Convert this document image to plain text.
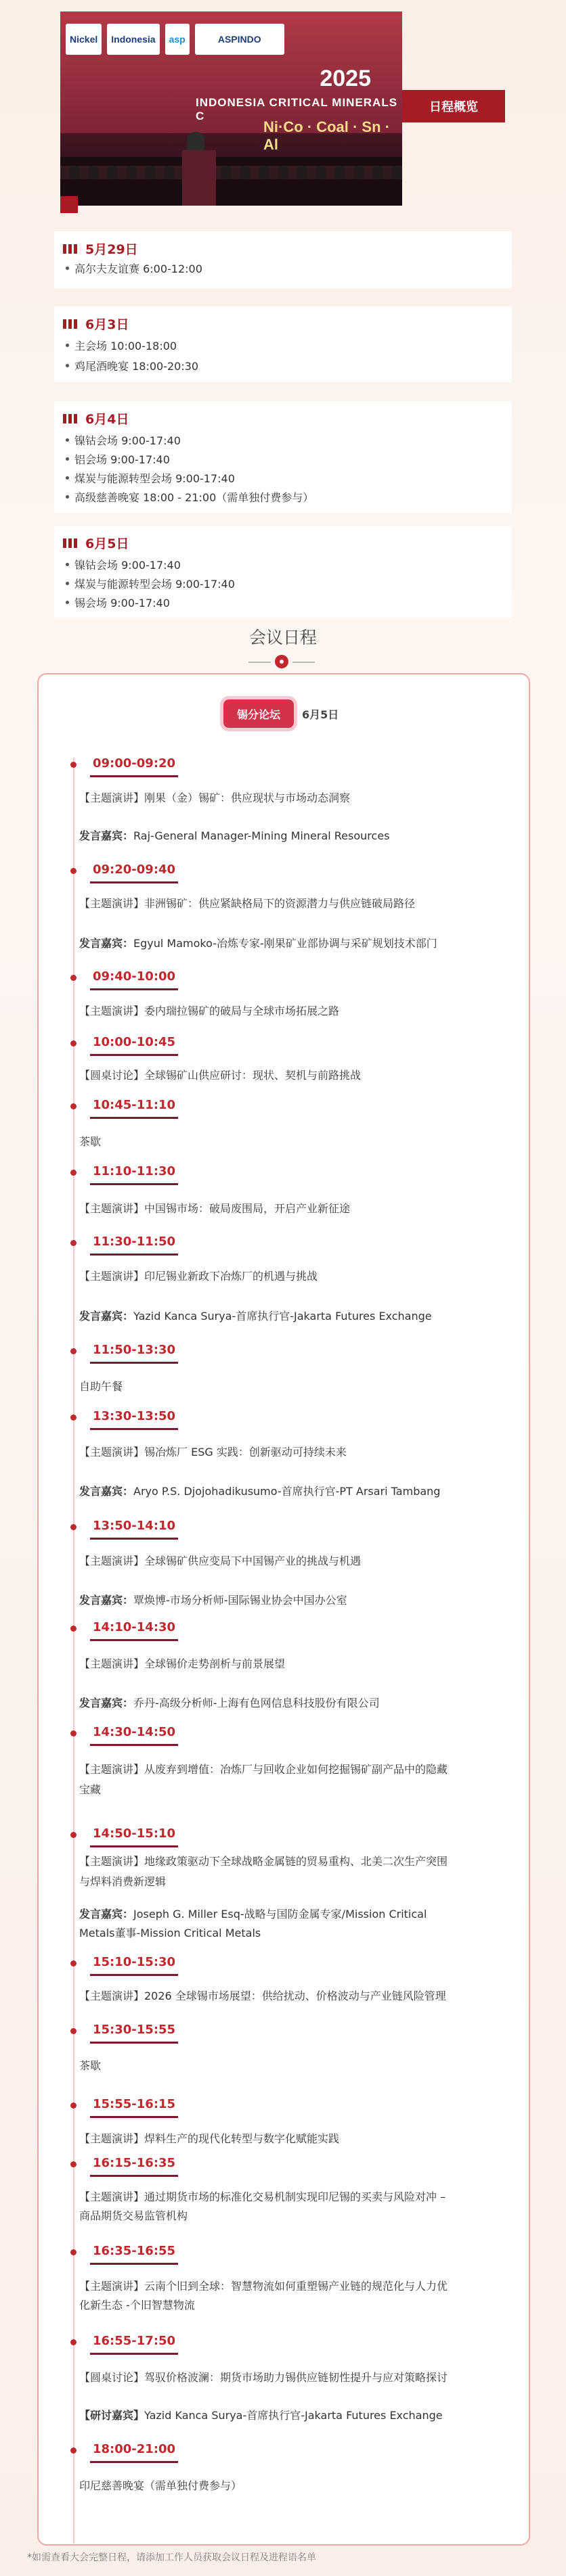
Nickel	Indonesia	asp	ASPINDO
2025
INDONESIA CRITICAL MINERALS C
Ni·Co · Coal · Sn · Al
日程概览
5月29日
高尔夫友谊赛 6:00-12:00
6月3日
主会场 10:00-18:00
鸡尾酒晚宴 18:00-20:30
6月4日
镍钴会场 9:00-17:40
铝会场 9:00-17:40
煤炭与能源转型会场 9:00-17:40
高级慈善晚宴 18:00 - 21:00（需单独付费参与）
6月5日
镍钴会场 9:00-17:40
煤炭与能源转型会场 9:00-17:40
锡会场 9:00-17:40
会议日程
锡分论坛	6月5日
09:00-09:20
【主题演讲】刚果（金）锡矿：供应现状与市场动态洞察
发言嘉宾：Raj-General Manager-Mining Mineral Resources
09:20-09:40
【主题演讲】非洲锡矿：供应紧缺格局下的资源潜力与供应链破局路径
发言嘉宾：Egyul Mamoko-冶炼专家-刚果矿业部协调与采矿规划技术部门
09:40-10:00
【主题演讲】委内瑞拉锡矿的破局与全球市场拓展之路
10:00-10:45
【圆桌讨论】全球锡矿山供应研讨：现状、契机与前路挑战
10:45-11:10
茶歇
11:10-11:30
【主题演讲】中国锡市场：破局废围局，开启产业新征途
11:30-11:50
【主题演讲】印尼锡业新政下冶炼厂的机遇与挑战
发言嘉宾：Yazid Kanca Surya-首席执行官-Jakarta Futures Exchange
11:50-13:30
自助午餐
13:30-13:50
【主题演讲】锡冶炼厂 ESG 实践：创新驱动可持续未来
发言嘉宾：Aryo P.S. Djojohadikusumo-首席执行官-PT Arsari Tambang
13:50-14:10
【主题演讲】全球锡矿供应变局下中国锡产业的挑战与机遇
发言嘉宾：覃焕博-市场分析师-国际锡业协会中国办公室
14:10-14:30
【主题演讲】全球锡价走势剖析与前景展望
发言嘉宾：乔丹-高级分析师-上海有色网信息科技股份有限公司
14:30-14:50
【主题演讲】从废弃到增值：冶炼厂与回收企业如何挖掘锡矿副产品中的隐藏
宝藏
14:50-15:10
【主题演讲】地缘政策驱动下全球战略金属链的贸易重构、北美二次生产突围
与焊料消费新逻辑
发言嘉宾：Joseph G. Miller Esq-战略与国防金属专家/Mission Critical
Metals董事-Mission Critical Metals
15:10-15:30
【主题演讲】2026 全球锡市场展望：供给扰动、价格波动与产业链风险管理
15:30-15:55
茶歇
15:55-16:15
【主题演讲】焊料生产的现代化转型与数字化赋能实践
16:15-16:35
【主题演讲】通过期货市场的标准化交易机制实现印尼锡的买卖与风险对冲 –
商品期货交易监管机构
16:35-16:55
【主题演讲】云南个旧到全球：智慧物流如何重塑锡产业链的规范化与人力优
化新生态 -个旧智慧物流
16:55-17:50
【圆桌讨论】驾驭价格波澜：期货市场助力锡供应链韧性提升与应对策略探讨
【研讨嘉宾】Yazid Kanca Surya-首席执行官-Jakarta Futures Exchange
18:00-21:00
印尼慈善晚宴（需单独付费参与）
*如需查看大会完整日程，请添加工作人员获取会议日程及进程语名单
